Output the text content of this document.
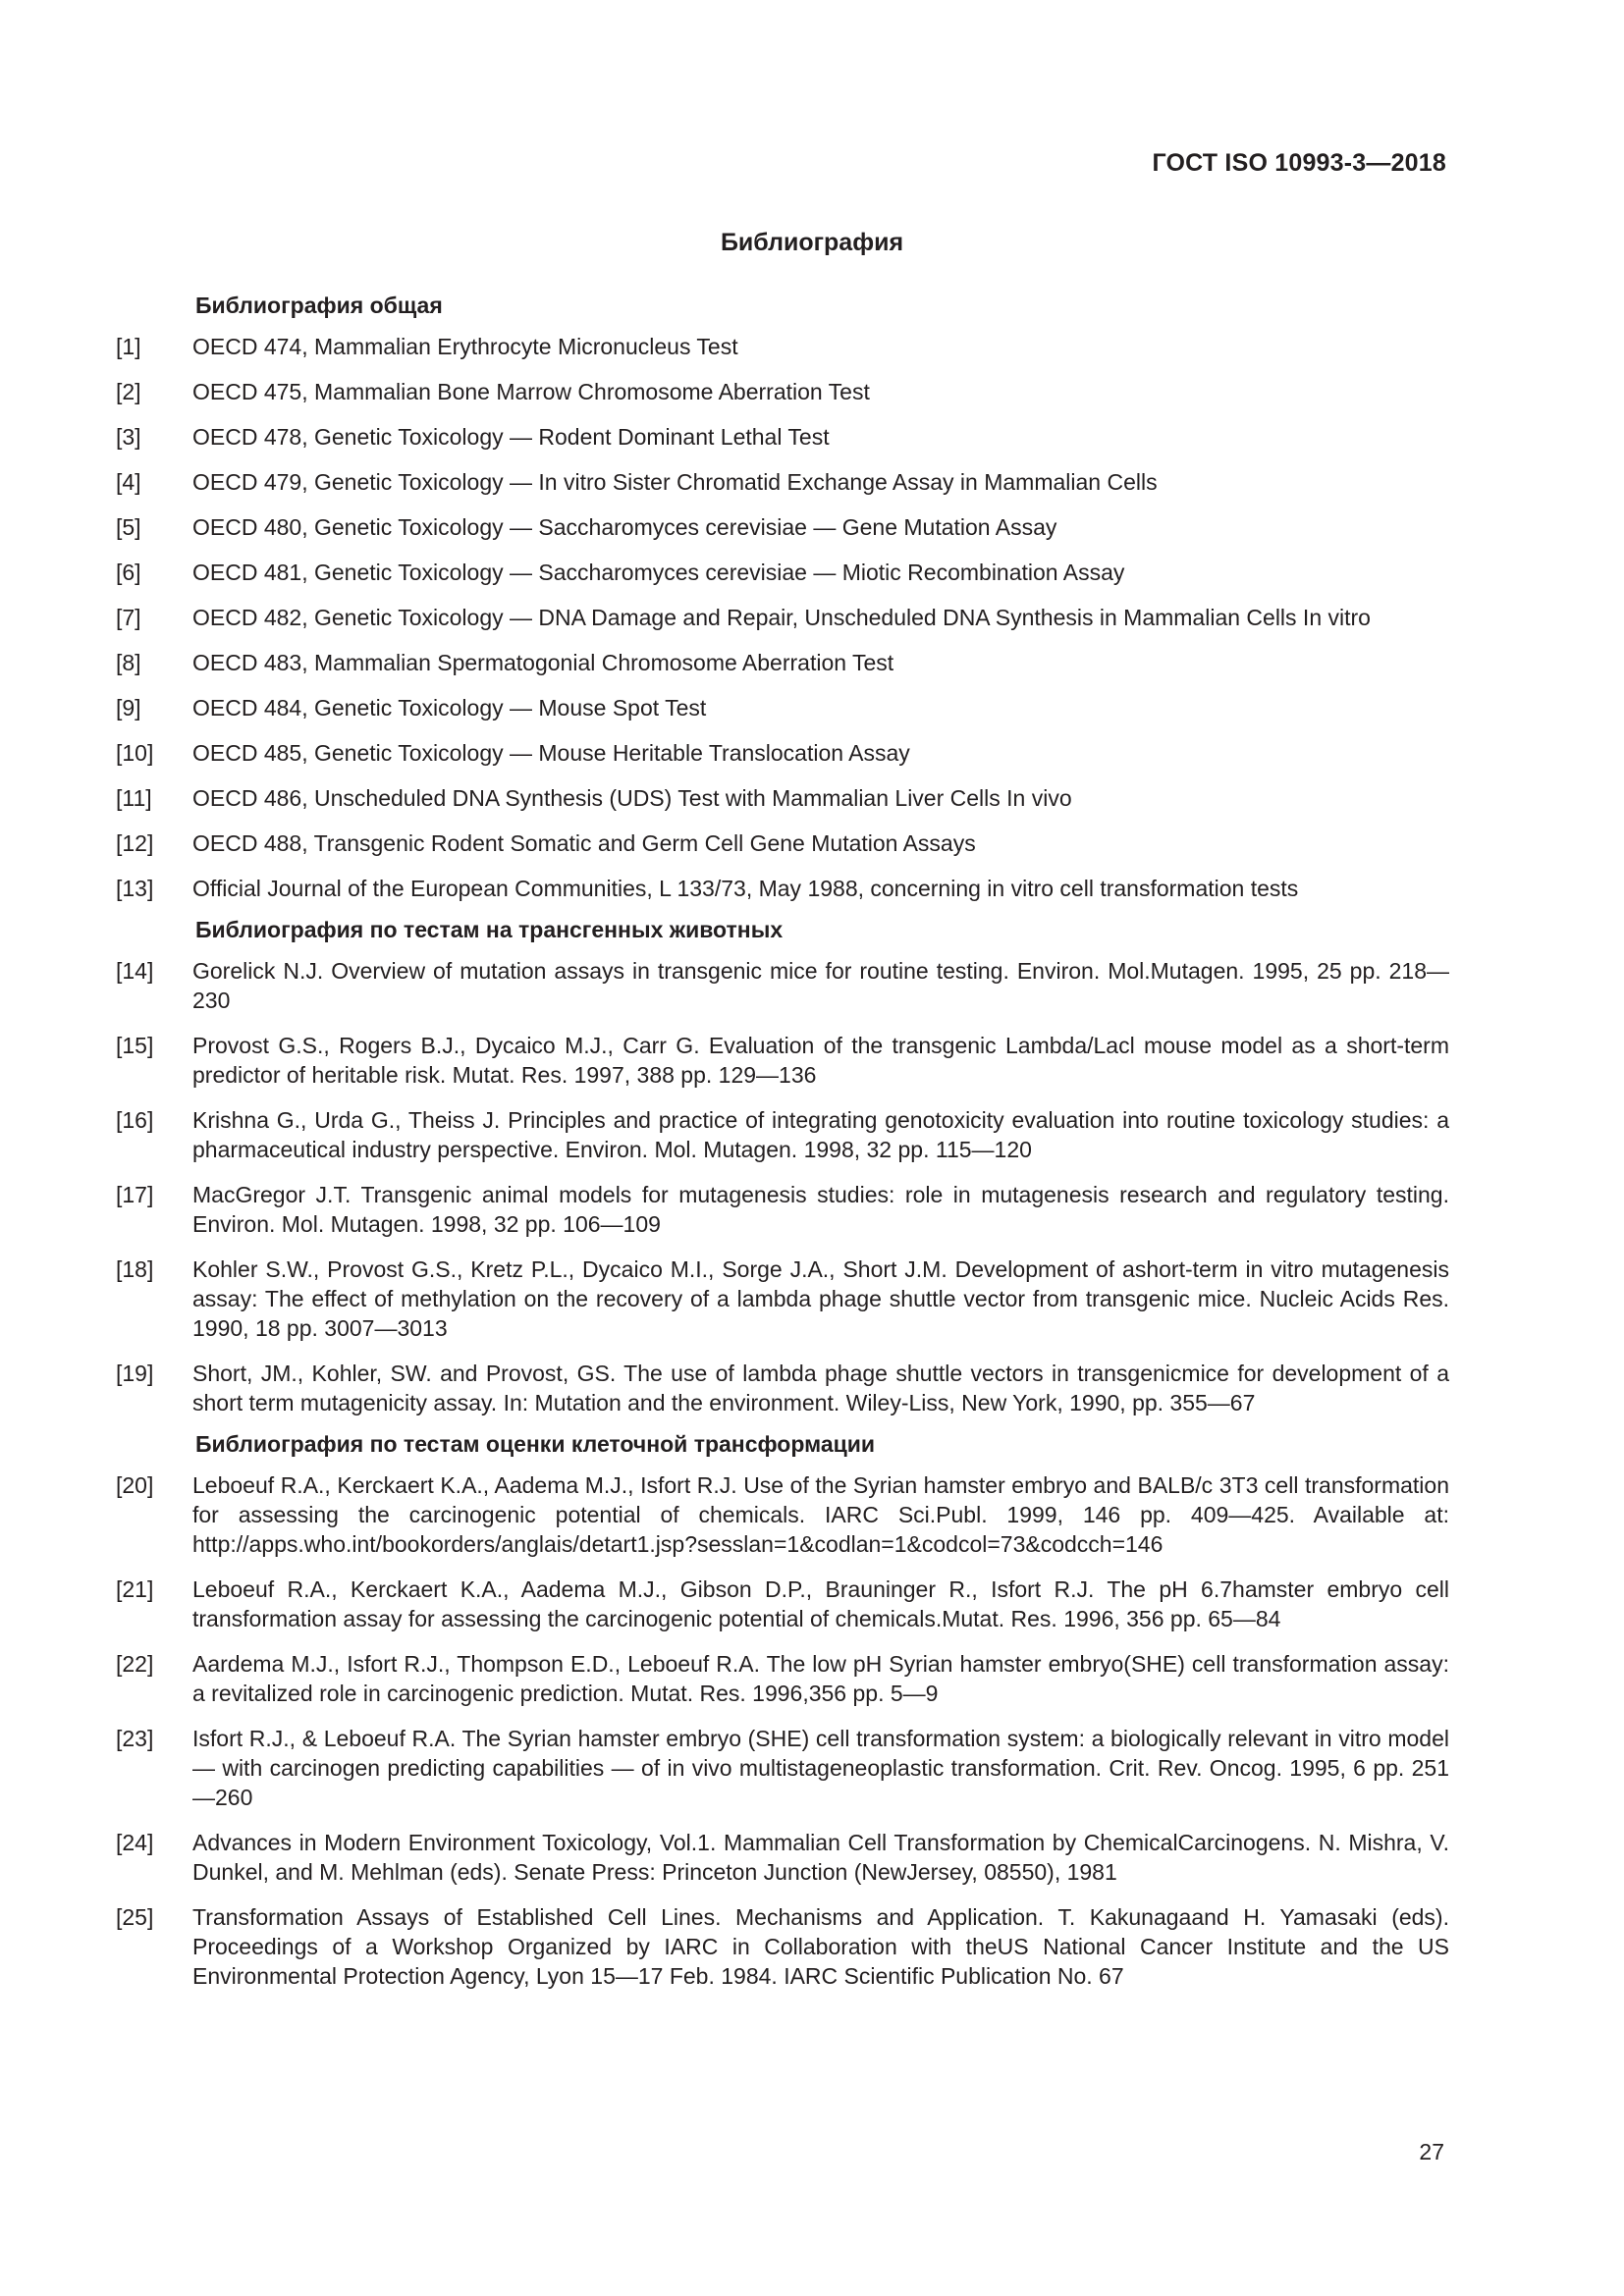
ГОСТ ISO 10993-3—2018
Библиография
Библиография общая
[1]	OECD 474, Mammalian Erythrocyte Micronucleus Test
[2]	OECD 475, Mammalian Bone Marrow Chromosome Aberration Test
[3]	OECD 478, Genetic Toxicology — Rodent Dominant Lethal Test
[4]	OECD 479, Genetic Toxicology — In vitro Sister Chromatid Exchange Assay in Mammalian Cells
[5]	OECD 480, Genetic Toxicology — Saccharomyces cerevisiae — Gene Mutation Assay
[6]	OECD 481, Genetic Toxicology — Saccharomyces cerevisiae — Miotic Recombination Assay
[7]	OECD 482, Genetic Toxicology — DNA Damage and Repair, Unscheduled DNA Synthesis in Mammalian Cells In vitro
[8]	OECD 483, Mammalian Spermatogonial Chromosome Aberration Test
[9]	OECD 484, Genetic Toxicology — Mouse Spot Test
[10]	OECD 485, Genetic Toxicology — Mouse Heritable Translocation Assay
[11]	OECD 486, Unscheduled DNA Synthesis (UDS) Test with Mammalian Liver Cells In vivo
[12]	OECD 488, Transgenic Rodent Somatic and Germ Cell Gene Mutation Assays
[13]	Official Journal of the European Communities, L 133/73, May 1988, concerning in vitro cell transformation tests
Библиография по тестам на трансгенных животных
[14]	Gorelick N.J. Overview of mutation assays in transgenic mice for routine testing. Environ. Mol.Mutagen. 1995, 25 pp. 218—230
[15]	Provost G.S., Rogers B.J., Dycaico M.J., Carr G. Evaluation of the transgenic Lambda/Lacl mouse model as a short-term predictor of heritable risk. Mutat. Res. 1997, 388 pp. 129—136
[16]	Krishna G., Urda G., Theiss J. Principles and practice of integrating genotoxicity evaluation into routine toxicology studies: a pharmaceutical industry perspective. Environ. Mol. Mutagen. 1998, 32 pp. 115—120
[17]	MacGregor J.T. Transgenic animal models for mutagenesis studies: role in mutagenesis research and regulatory testing. Environ. Mol. Mutagen. 1998, 32 pp. 106—109
[18]	Kohler S.W., Provost G.S., Kretz P.L., Dycaico M.I., Sorge J.A., Short J.M. Development of ashort-term in vitro mutagenesis assay: The effect of methylation on the recovery of a lambda phage shuttle vector from transgenic mice. Nucleic Acids Res. 1990, 18 pp. 3007—3013
[19]	Short, JM., Kohler, SW. and Provost, GS. The use of lambda phage shuttle vectors in transgenicmice for development of a short term mutagenicity assay. In: Mutation and the environment. Wiley-Liss, New York, 1990, pp. 355—67
Библиография по тестам оценки клеточной трансформации
[20]	Leboeuf R.A., Kerckaert K.A., Aadema M.J., Isfort R.J. Use of the Syrian hamster embryo and BALB/c 3T3 cell transformation for assessing the carcinogenic potential of chemicals. IARC Sci.Publ. 1999, 146 pp. 409—425. Available at: http://apps.who.int/bookorders/anglais/detart1.jsp?sesslan=1&codlan=1&codcol=73&codcch=146
[21]	Leboeuf R.A., Kerckaert K.A., Aadema M.J., Gibson D.P., Brauninger R., Isfort R.J. The pH 6.7hamster embryo cell transformation assay for assessing the carcinogenic potential of chemicals.Mutat. Res. 1996, 356 pp. 65—84
[22]	Aardema M.J., Isfort R.J., Thompson E.D., Leboeuf R.A. The low pH Syrian hamster embryo(SHE) cell transformation assay: a revitalized role in carcinogenic prediction. Mutat. Res. 1996,356 pp. 5—9
[23]	Isfort R.J., & Leboeuf R.A. The Syrian hamster embryo (SHE) cell transformation system: a biologically relevant in vitro model — with carcinogen predicting capabilities — of in vivo multistageneoplastic transformation. Crit. Rev. Oncog. 1995, 6 pp. 251—260
[24]	Advances in Modern Environment Toxicology, Vol.1. Mammalian Cell Transformation by ChemicalCarcinogens. N. Mishra, V. Dunkel, and M. Mehlman (eds). Senate Press: Princeton Junction (NewJersey, 08550), 1981
[25]	Transformation Assays of Established Cell Lines. Mechanisms and Application. T. Kakunagaand H. Yamasaki (eds). Proceedings of a Workshop Organized by IARC in Collaboration with theUS National Cancer Institute and the US Environmental Protection Agency, Lyon 15—17 Feb. 1984. IARC Scientific Publication No. 67
27
